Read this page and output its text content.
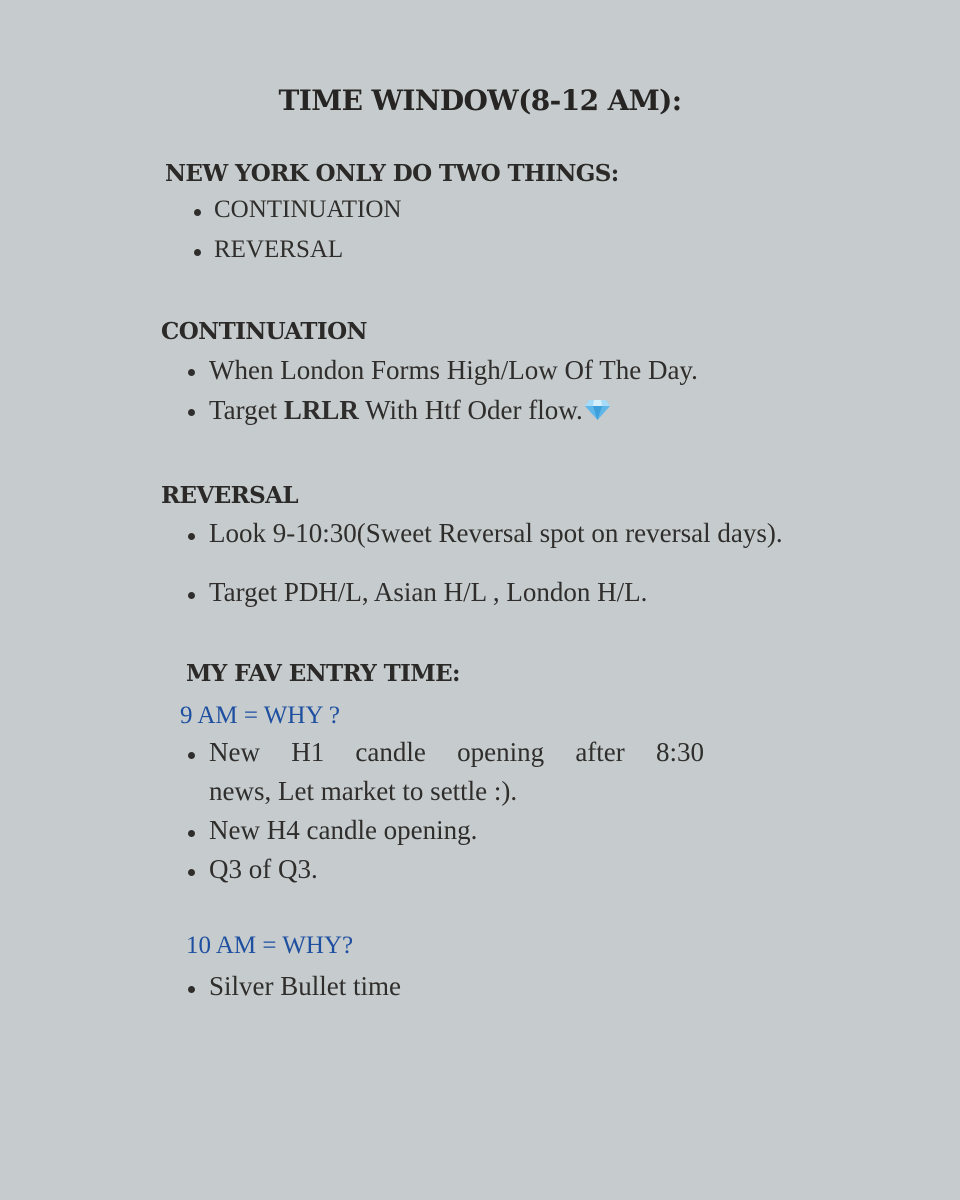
TIME WINDOW(8-12 AM):
NEW YORK ONLY DO TWO THINGS:
CONTINUATION
REVERSAL
CONTINUATION
When London Forms High/Low Of The Day.
Target LRLR With Htf Oder flow.
REVERSAL
Look 9-10:30(Sweet Reversal spot on reversal days).
Target PDH/L, Asian H/L , London H/L.
MY FAV ENTRY TIME:
9 AM = WHY ?
New H1 candle opening after 8:30
news, Let market to settle :).
New H4 candle opening.
Q3 of Q3.
10 AM = WHY?
Silver Bullet time
